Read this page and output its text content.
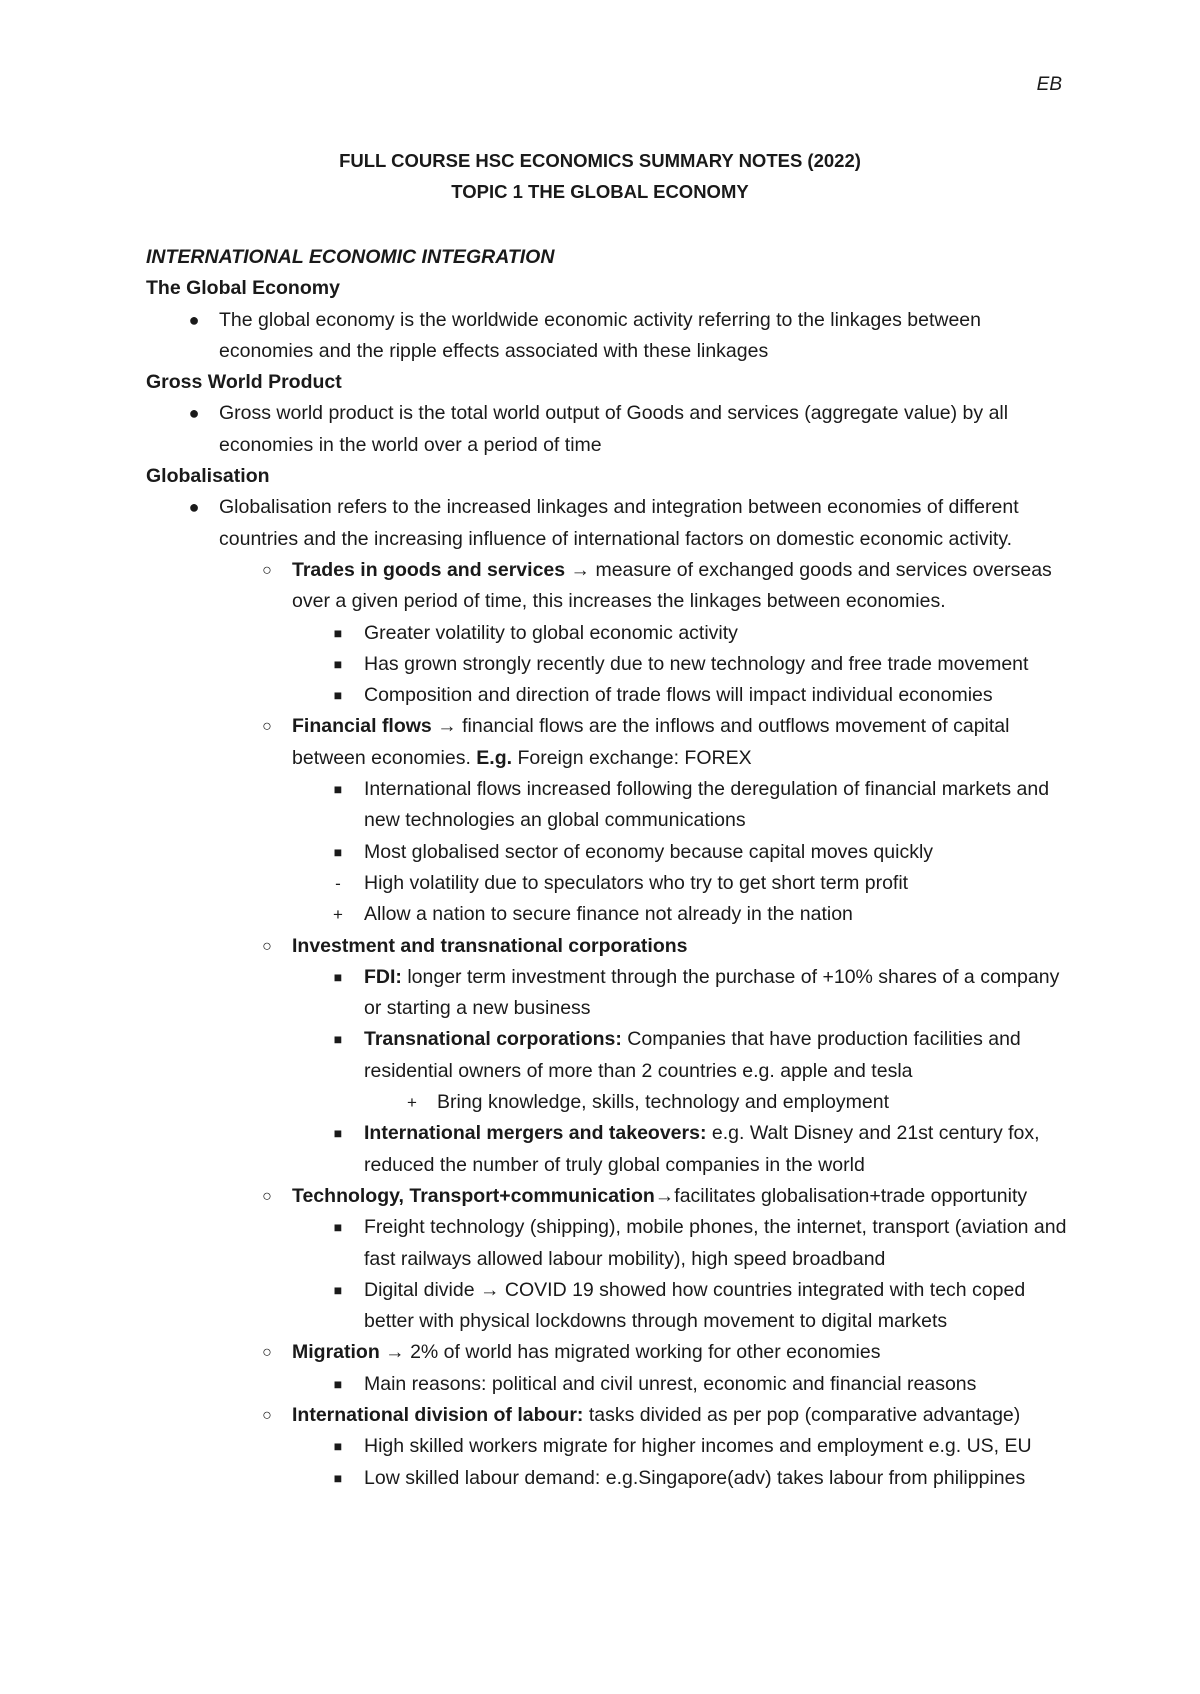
EB
FULL COURSE HSC ECONOMICS SUMMARY NOTES (2022)
TOPIC 1 THE GLOBAL ECONOMY
INTERNATIONAL ECONOMIC INTEGRATION
The Global Economy
● The global economy is the worldwide economic activity referring to the linkages between economies and the ripple effects associated with these linkages
Gross World Product
● Gross world product is the total world output of Goods and services (aggregate value) by all economies in the world over a period of time
Globalisation
● Globalisation refers to the increased linkages and integration between economies of different countries and the increasing influence of international factors on domestic economic activity.
○ Trades in goods and services → measure of exchanged goods and services overseas over a given period of time, this increases the linkages between economies.
■ Greater volatility to global economic activity
■ Has grown strongly recently due to new technology and free trade movement
■ Composition and direction of trade flows will impact individual economies
○ Financial flows → financial flows are the inflows and outflows movement of capital between economies. E.g. Foreign exchange: FOREX
■ International flows increased following the deregulation of financial markets and new technologies an global communications
■ Most globalised sector of economy because capital moves quickly
-	High volatility due to speculators who try to get short term profit
+ Allow a nation to secure finance not already in the nation
○ Investment and transnational corporations
■ FDI: longer term investment through the purchase of +10% shares of a company or starting a new business
■ Transnational corporations: Companies that have production facilities and residential owners of more than 2 countries e.g. apple and tesla
+ Bring knowledge, skills, technology and employment
■ International mergers and takeovers: e.g. Walt Disney and 21st century fox, reduced the number of truly global companies in the world
○ Technology, Transport+communication→facilitates globalisation+trade opportunity
■ Freight technology (shipping), mobile phones, the internet, transport (aviation and fast railways allowed labour mobility), high speed broadband
■ Digital divide → COVID 19 showed how countries integrated with tech coped better with physical lockdowns through movement to digital markets
○ Migration → 2% of world has migrated working for other economies
■ Main reasons: political and civil unrest, economic and financial reasons
○ International division of labour: tasks divided as per pop (comparative advantage)
■ High skilled workers migrate for higher incomes and employment e.g. US, EU
■ Low skilled labour demand: e.g.Singapore(adv) takes labour from philippines
